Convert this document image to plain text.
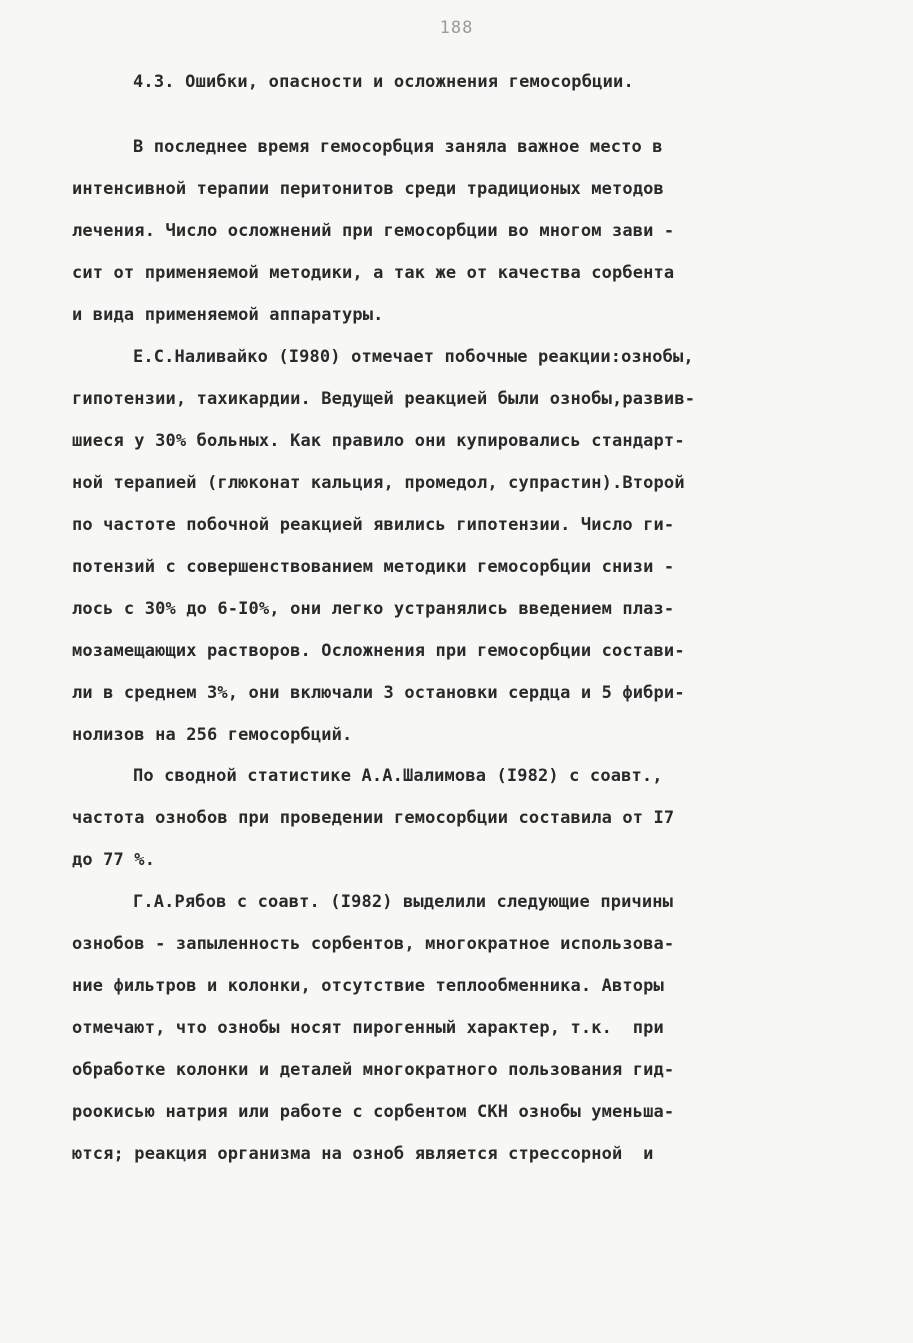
188
4.3. Ошибки, опасности и осложнения гемосорбции.
В последнее время гемосорбция заняла важное место в
интенсивной терапии перитонитов среди традиционых методов
лечения. Число осложнений при гемосорбции во многом зави -
сит от применяемой методики, а так же от качества сорбента
и вида применяемой аппаратуры.
Е.С.Наливайко (I980) отмечает побочные реакции:ознобы,
гипотензии, тахикардии. Ведущей реакцией были ознобы,развив-
шиеся у 30% больных. Как правило они купировались стандарт-
ной терапией (глюконат кальция, промедол, супрастин).Второй
по частоте побочной реакцией явились гипотензии. Число ги-
потензий с совершенствованием методики гемосорбции снизи -
лось с 30% до 6-I0%, они легко устранялись введением плаз-
мозамещающих растворов. Осложнения при гемосорбции состави-
ли в среднем 3%, они включали 3 остановки сердца и 5 фибри-
нолизов на 256 гемосорбций.
По сводной статистике А.А.Шалимова (I982) с соавт.,
частота ознобов при проведении гемосорбции составила от I7
до 77 %.
Г.А.Рябов с соавт. (I982) выделили следующие причины
ознобов - запыленность сорбентов, многократное использова-
ние фильтров и колонки, отсутствие теплообменника. Авторы
отмечают, что ознобы носят пирогенный характер, т.к.  при
обработке колонки и деталей многократного пользования гид-
роокисью натрия или работе с сорбентом СКН ознобы уменьша-
ются; реакция организма на озноб является стрессорной  и
